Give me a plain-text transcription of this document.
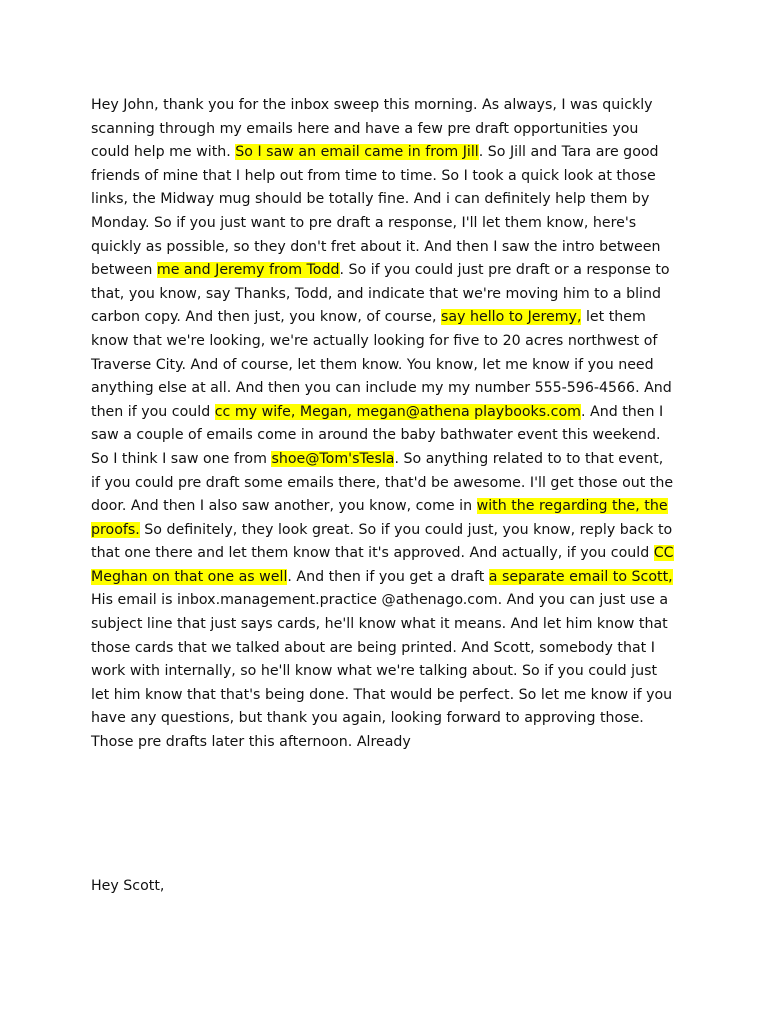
Hey John, thank you for the inbox sweep this morning. As always, I was quickly
scanning through my emails here and have a few pre draft opportunities you
could help me with. So I saw an email came in from Jill. So Jill and Tara are good
friends of mine that I help out from time to time. So I took a quick look at those
links, the Midway mug should be totally fine. And i can definitely help them by
Monday. So if you just want to pre draft a response, I'll let them know, here's
quickly as possible, so they don't fret about it. And then I saw the intro between
between me and Jeremy from Todd. So if you could just pre draft or a response to
that, you know, say Thanks, Todd, and indicate that we're moving him to a blind
carbon copy. And then just, you know, of course, say hello to Jeremy, let them
know that we're looking, we're actually looking for five to 20 acres northwest of
Traverse City. And of course, let them know. You know, let me know if you need
anything else at all. And then you can include my my number 555-596-4566. And
then if you could cc my wife, Megan, megan@athena playbooks.com. And then I
saw a couple of emails come in around the baby bathwater event this weekend.
So I think I saw one from shoe@Tom'sTesla. So anything related to to that event,
if you could pre draft some emails there, that'd be awesome. I'll get those out the
door. And then I also saw another, you know, come in with the regarding the, the
proofs. So definitely, they look great. So if you could just, you know, reply back to
that one there and let them know that it's approved. And actually, if you could CC
Meghan on that one as well. And then if you get a draft a separate email to Scott,
His email is inbox.management.practice @athenago.com. And you can just use a
subject line that just says cards, he'll know what it means. And let him know that
those cards that we talked about are being printed. And Scott, somebody that I
work with internally, so he'll know what we're talking about. So if you could just
let him know that that's being done. That would be perfect. So let me know if you
have any questions, but thank you again, looking forward to approving those.
Those pre drafts later this afternoon. Already
Hey Scott,
